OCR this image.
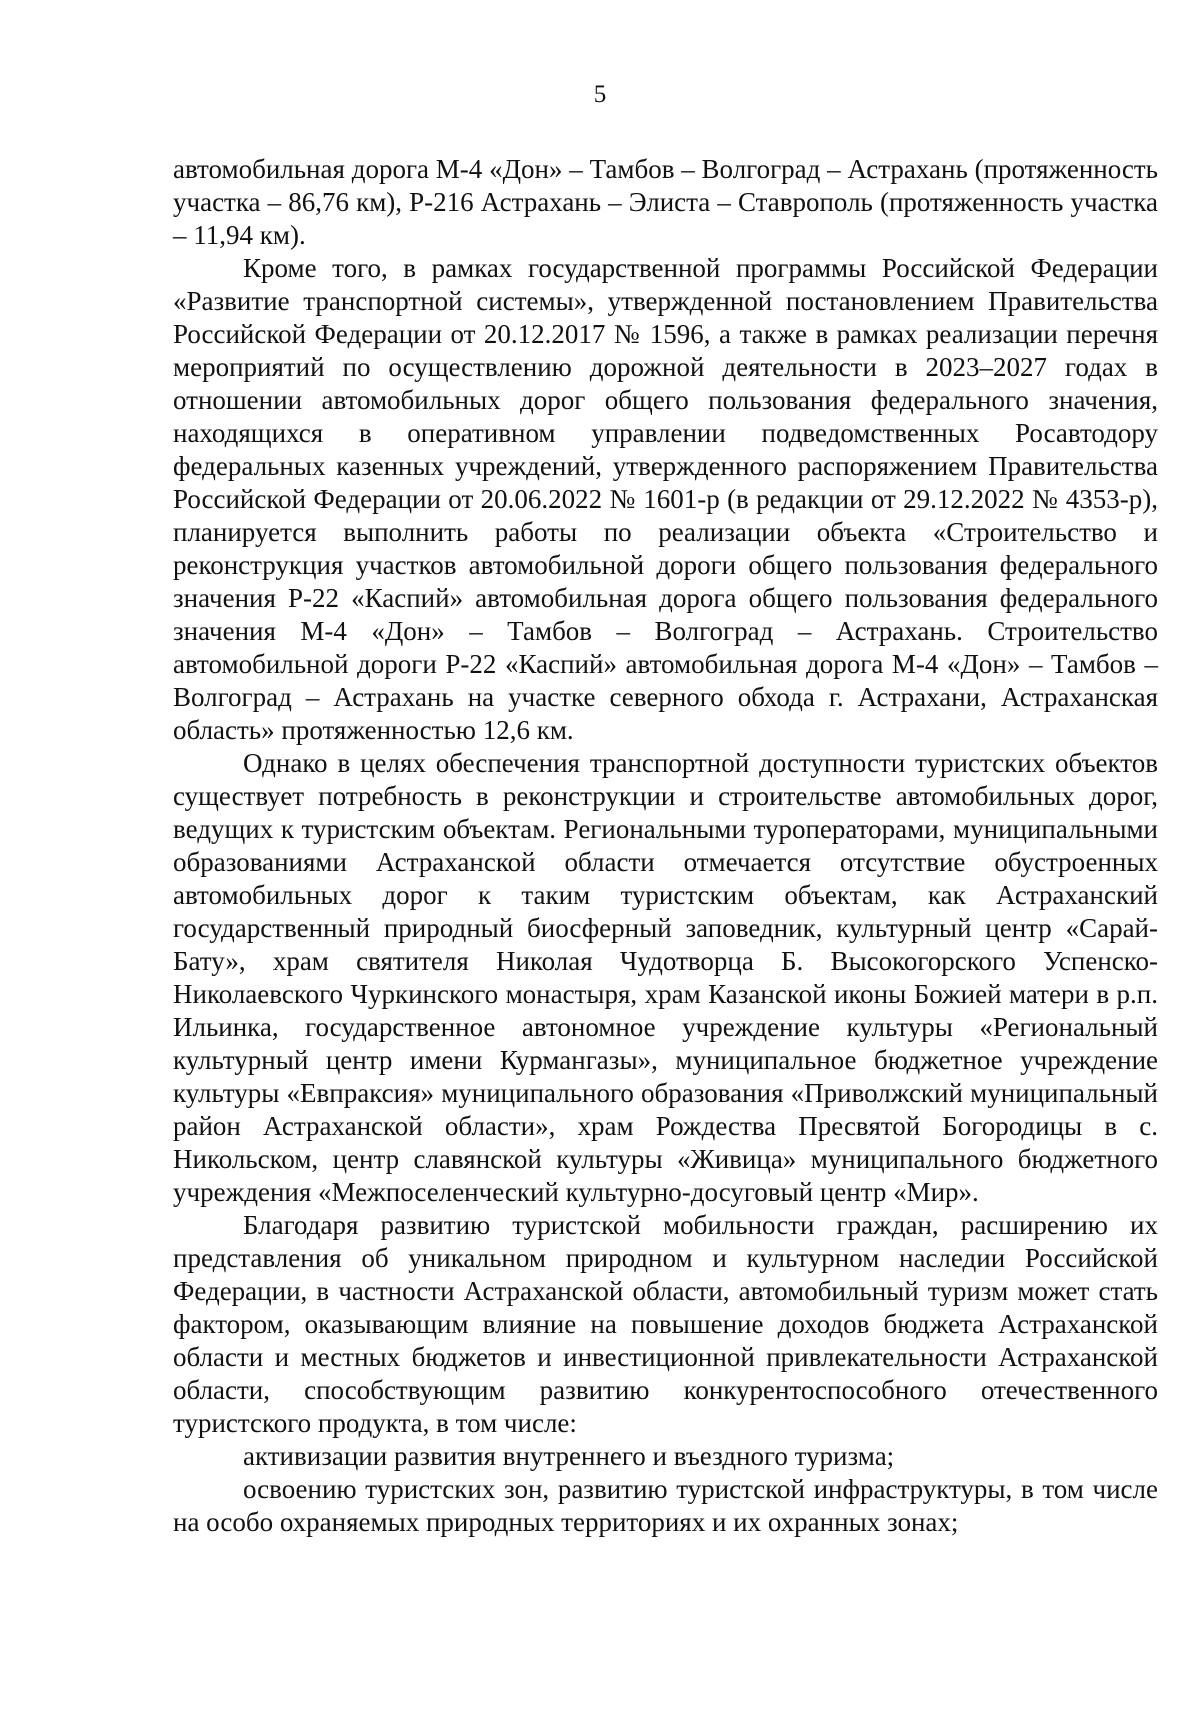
5

автомобильная дорога М-4 «Дон» – Тамбов – Волгоград – Астрахань (протяженность участка – 86,76 км), Р-216 Астрахань – Элиста – Ставрополь (протяженность участка – 11,94 км).

Кроме того, в рамках государственной программы Российской Федерации «Развитие транспортной системы», утвержденной постановлением Правительства Российской Федерации от 20.12.2017 № 1596, а также в рамках реализации перечня мероприятий по осуществлению дорожной деятельности в 2023–2027 годах в отношении автомобильных дорог общего пользования федерального значения, находящихся в оперативном управлении подведомственных Росавтодору федеральных казенных учреждений, утвержденного распоряжением Правительства Российской Федерации от 20.06.2022 № 1601-р (в редакции от 29.12.2022 № 4353-р), планируется выполнить работы по реализации объекта «Строительство и реконструкция участков автомобильной дороги общего пользования федерального значения Р-22 «Каспий» автомобильная дорога общего пользования федерального значения М-4 «Дон» – Тамбов – Волгоград – Астрахань. Строительство автомобильной дороги Р-22 «Каспий» автомобильная дорога М-4 «Дон» – Тамбов – Волгоград – Астрахань на участке северного обхода г. Астрахани, Астраханская область» протяженностью 12,6 км.

Однако в целях обеспечения транспортной доступности туристских объектов существует потребность в реконструкции и строительстве автомобильных дорог, ведущих к туристским объектам. Региональными туроператорами, муниципальными образованиями Астраханской области отмечается отсутствие обустроенных автомобильных дорог к таким туристским объектам, как Астраханский государственный природный биосферный заповедник, культурный центр «Сарай-Бату», храм святителя Николая Чудотворца Б. Высокогорского Успенско-Николаевского Чуркинского монастыря, храм Казанской иконы Божией матери в р.п. Ильинка, государственное автономное учреждение культуры «Региональный культурный центр имени Курмангазы», муниципальное бюджетное учреждение культуры «Евпраксия» муниципального образования «Приволжский муниципальный район Астраханской области», храм Рождества Пресвятой Богородицы в с. Никольском, центр славянской культуры «Живица» муниципального бюджетного учреждения «Межпоселенческий культурно-досуговый центр «Мир».

Благодаря развитию туристской мобильности граждан, расширению их представления об уникальном природном и культурном наследии Российской Федерации, в частности Астраханской области, автомобильный туризм может стать фактором, оказывающим влияние на повышение доходов бюджета Астраханской области и местных бюджетов и инвестиционной привлекательности Астраханской области, способствующим развитию конкурентоспособного отечественного туристского продукта, в том числе:

активизации развития внутреннего и въездного туризма;

освоению туристских зон, развитию туристской инфраструктуры, в том числе на особо охраняемых природных территориях и их охранных зонах;
